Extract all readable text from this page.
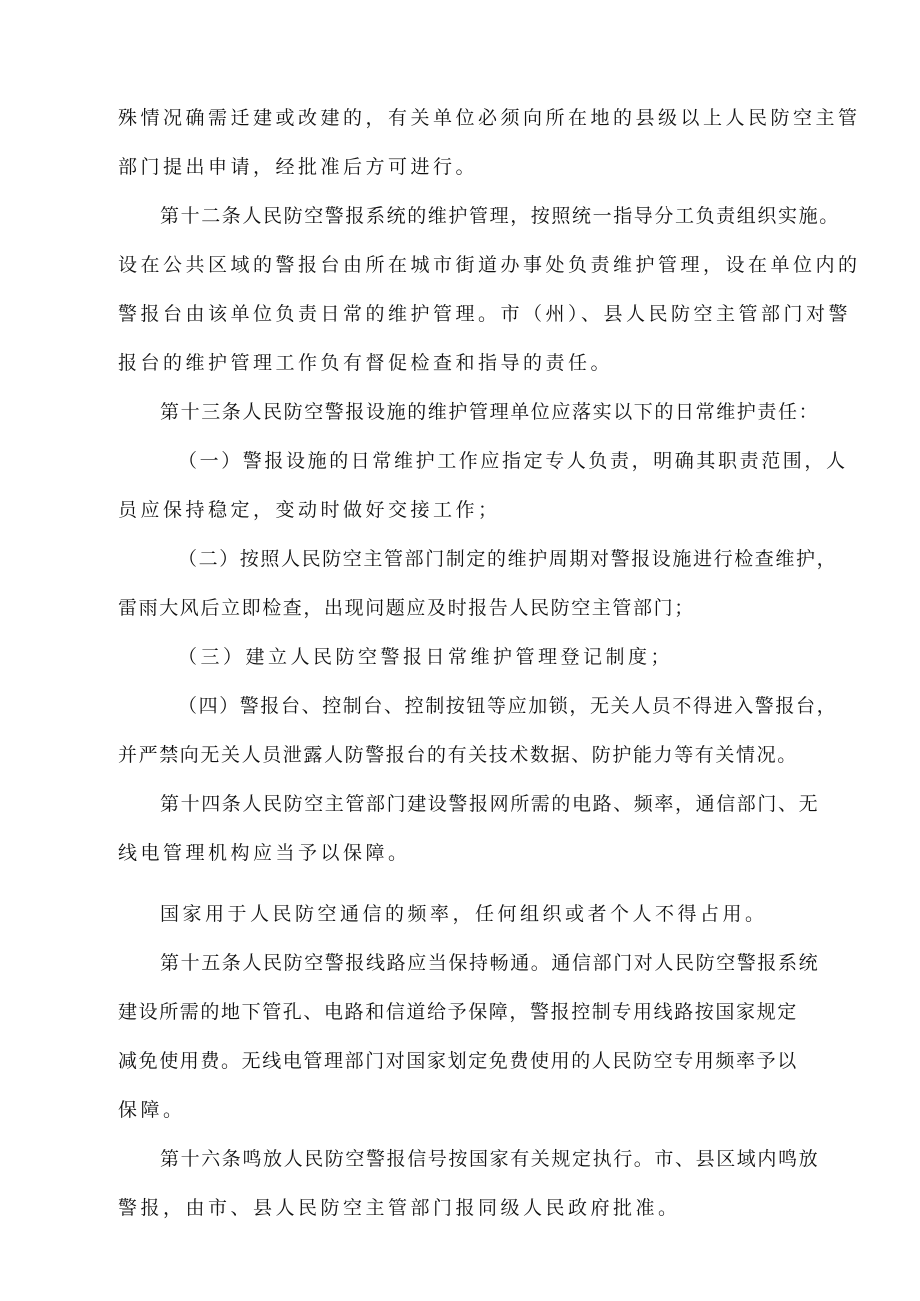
殊情况确需迁建或改建的，有关单位必须向所在地的县级以上人民防空主管
部门提出申请，经批准后方可进行。
第十二条人民防空警报系统的维护管理，按照统一指导分工负责组织实施。
设在公共区域的警报台由所在城市街道办事处负责维护管理，设在单位内的
警报台由该单位负责日常的维护管理。市（州）、县人民防空主管部门对警
报台的维护管理工作负有督促检查和指导的责任。
第十三条人民防空警报设施的维护管理单位应落实以下的日常维护责任：
（一）警报设施的日常维护工作应指定专人负责，明确其职责范围，人
员应保持稳定，变动时做好交接工作；
（二）按照人民防空主管部门制定的维护周期对警报设施进行检查维护，
雷雨大风后立即检查，出现问题应及时报告人民防空主管部门；
（三）建立人民防空警报日常维护管理登记制度；
（四）警报台、控制台、控制按钮等应加锁，无关人员不得进入警报台，
并严禁向无关人员泄露人防警报台的有关技术数据、防护能力等有关情况。
第十四条人民防空主管部门建设警报网所需的电路、频率，通信部门、无
线电管理机构应当予以保障。
国家用于人民防空通信的频率，任何组织或者个人不得占用。
第十五条人民防空警报线路应当保持畅通。通信部门对人民防空警报系统
建设所需的地下管孔、电路和信道给予保障，警报控制专用线路按国家规定
减免使用费。无线电管理部门对国家划定免费使用的人民防空专用频率予以
保障。
第十六条鸣放人民防空警报信号按国家有关规定执行。市、县区域内鸣放
警报，由市、县人民防空主管部门报同级人民政府批准。
